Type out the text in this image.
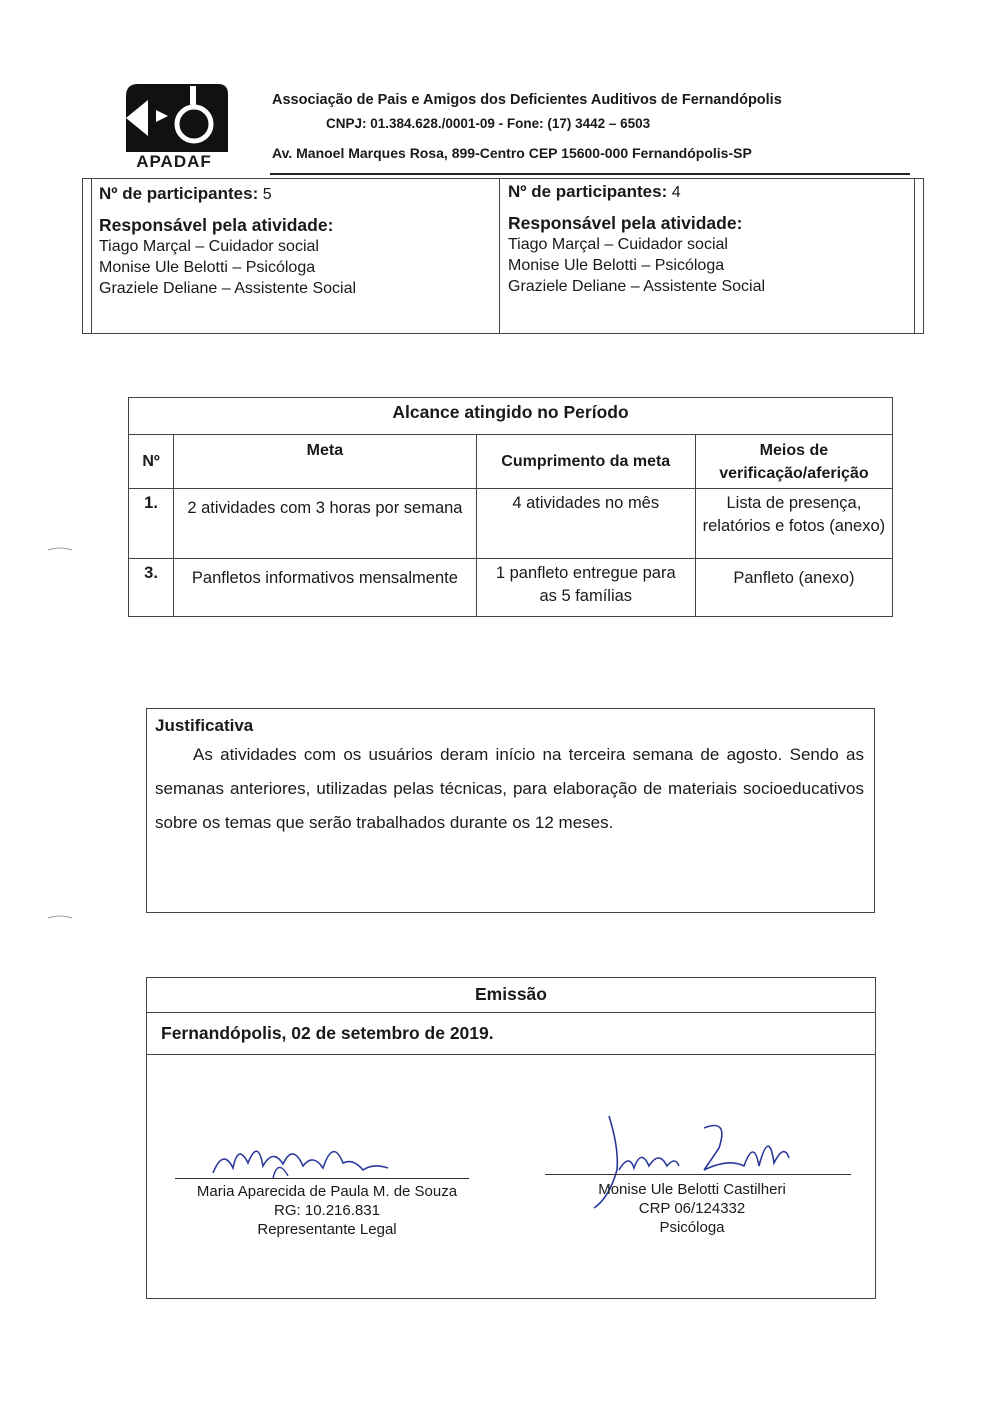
APADAF
Associação de Pais e Amigos dos Deficientes Auditivos de Fernandópolis
CNPJ: 01.384.628./0001-09 - Fone: (17) 3442 – 6503
Av. Manoel Marques Rosa, 899-Centro CEP 15600-000 Fernandópolis-SP
Nº de participantes: 5
Responsável pela atividade:
Tiago Marçal – Cuidador social
Monise Ule Belotti – Psicóloga
Graziele Deliane – Assistente Social
Nº de participantes: 4
Responsável pela atividade:
Tiago Marçal – Cuidador social
Monise Ule Belotti – Psicóloga
Graziele Deliane – Assistente Social
Alcance atingido no Período			
Nº	Meta	Cumprimento da meta	Meios de verificação/aferição
1.	2 atividades com 3 horas por semana	4 atividades no mês	Lista de presença, relatórios e fotos (anexo)
3.	Panfletos informativos mensalmente	1 panfleto entregue para as 5 famílias	Panfleto (anexo)
Justificativa
As atividades com os usuários deram início na terceira semana de agosto. Sendo as semanas anteriores, utilizadas pelas técnicas, para elaboração de materiais socioeducativos sobre os temas que serão trabalhados durante os 12 meses.
Emissão
Fernandópolis, 02 de setembro de 2019.
Maria Aparecida de Paula M. de Souza
RG: 10.216.831
Representante Legal
Monise Ule Belotti Castilheri
CRP 06/124332
Psicóloga
